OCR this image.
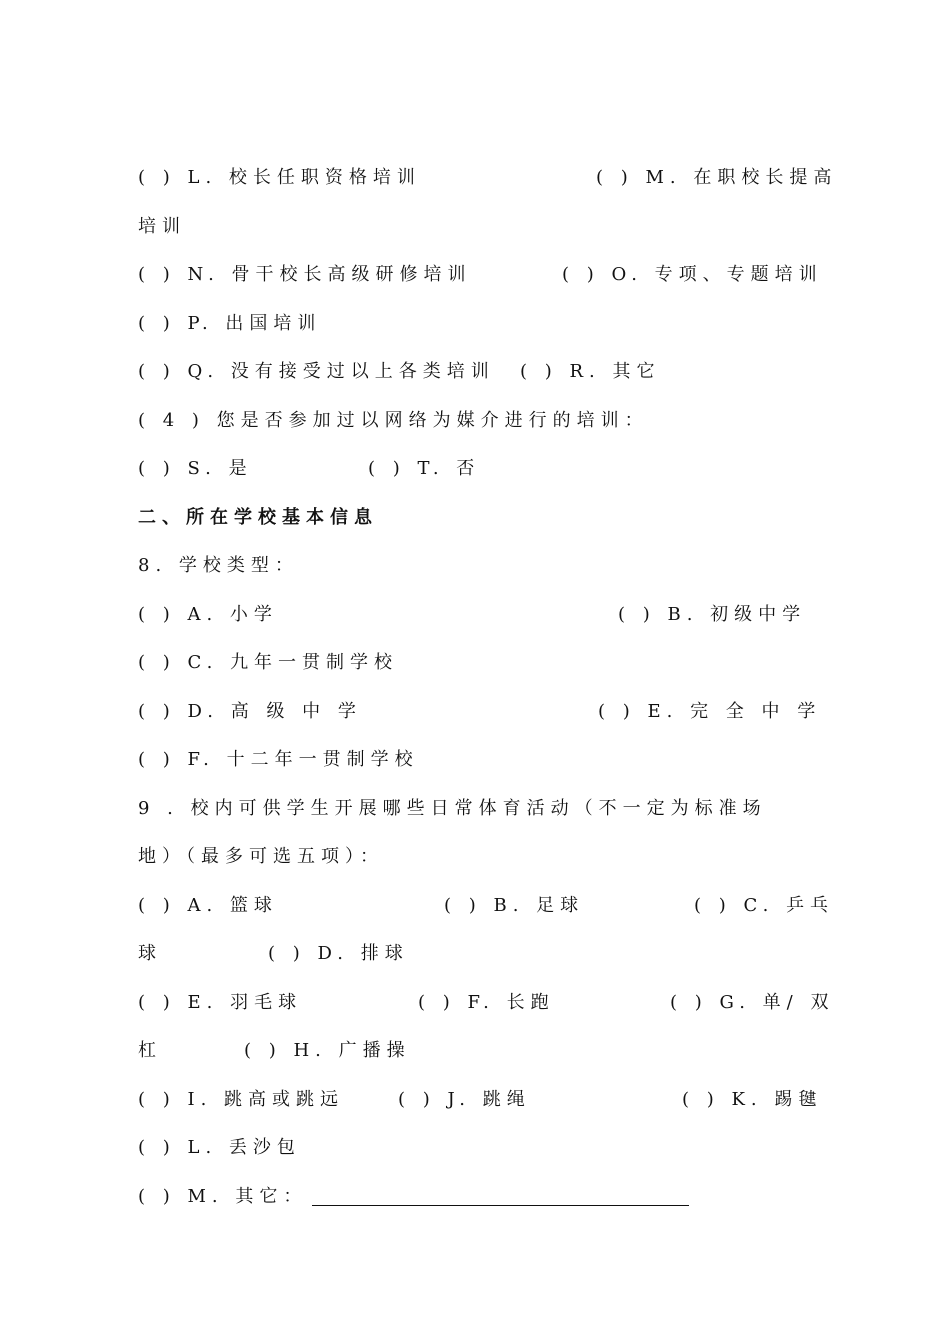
( ) L. 校长任职资格培训	( ) M. 在职校长提高
培训
( ) N. 骨干校长高级研修培训	( ) O. 专项、专题培训
( ) P. 出国培训
( ) Q. 没有接受过以上各类培训 ( ) R. 其它
( 4 ) 您是否参加过以网络为媒介进行的培训：
( ) S. 是	( ) T. 否
二、所在学校基本信息
8. 学校类型：
( ) A. 小学	( ) B. 初级中学
( ) C. 九年一贯制学校
( ) D. 高 级 中 学	( ) E. 完 全 中 学
( ) F. 十二年一贯制学校
9 . 校内可供学生开展哪些日常体育活动（不一定为标准场
地）（最多可选五项）：
( ) A. 篮球	( ) B. 足球	( ) C. 乒乓
球	( ) D. 排球
( ) E. 羽毛球	( ) F. 长跑	( ) G. 单/ 双
杠	( ) H. 广播操
( ) I. 跳高或跳远	( ) J. 跳绳	( ) K. 踢毽
( ) L. 丢沙包
( ) M. 其它：
